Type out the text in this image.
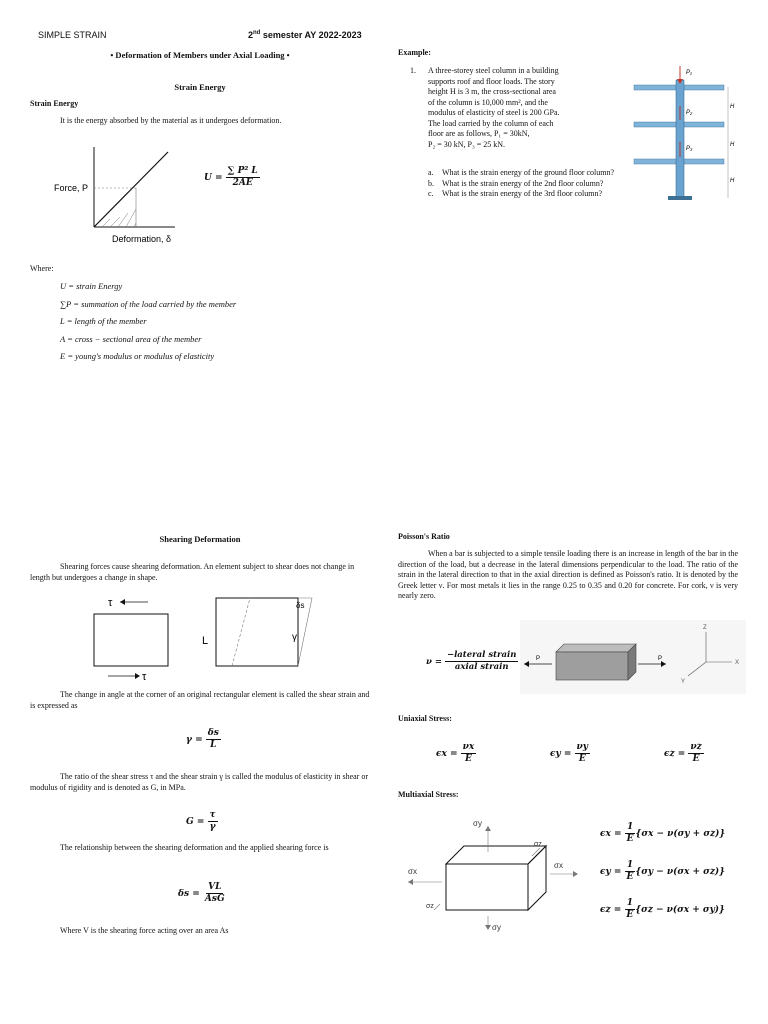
SIMPLE STRAIN	2nd semester AY 2022-2023
• Deformation of Members under Axial Loading •
Strain Energy
Strain Energy
It is the energy absorbed by the material as it undergoes deformation.
Force, P
Deformation, δ
$U = \frac{\text{∑ P² L}}{2AE}$
Where:
U = strain Energy
∑P = summation of the load carried by the member
L = length of the member
A = cross − sectional area of the member
E = young's modulus or modulus of elasticity
Example:
1. A three-storey steel column in a building
supports roof and floor loads. The story
height H is 3 m, the cross-sectional area
of the column is 10,000 mm², and the
modulus of elasticity of steel is 200 GPa.
The load carried by the column of each
floor are as follows, P₁ = 30kN,
P₂ = 30 kN, P₃ = 25 kN.
a. What is the strain energy of the ground floor column?
b. What is the strain energy of the 2nd floor column?
c. What is the strain energy of the 3rd floor column?
P₁
P₂
P₃
H
H
H
Shearing Deformation
Shearing forces cause shearing deformation. An element subject to shear does not change in length but undergoes a change in shape.
τ
τ
L
δs
γ
The change in angle at the corner of an original rectangular element is called the shear strain and is expressed as
$\gamma = \frac{\delta s}{L}$
The ratio of the shear stress τ and the shear strain γ is called the modulus of elasticity in shear or modulus of rigidity and is denoted as G, in MPa.
$G = \frac{\tau}{\gamma}$
The relationship between the shearing deformation and the applied shearing force is
$\delta s = \frac{VL}{\text{AsG}}$
Where V is the shearing force acting over an area As
Poisson's Ratio
When a bar is subjected to a simple tensile loading there is an increase in length of the bar in the direction of the load, but a decrease in the lateral dimensions perpendicular to the load. The ratio of the strain in the lateral direction to that in the axial direction is defined as Poisson's ratio. It is denoted by the Greek letter ν. For most metals it lies in the range 0.25 to 0.35 and 0.20 for concrete. For cork, ν is very nearly zero.
$\nu = \frac{\text{−lateral strain}}{\text{axial strain}}$	P	P
Z
X
Y
Uniaxial Stress:
$\epsilon x = \frac{\nu x}{E}$	$\epsilon y = \frac{\nu y}{E}$	$\epsilon z = \frac{\nu z}{E}$
Multiaxial Stress:
σy
σz
σx
σx
σz
σy
$\epsilon x = \frac{1}{E} \{\sigma x - \nu(\sigma y + \sigma z)\}$
$\epsilon y = \frac{1}{E} \{\sigma y - \nu(\sigma x + \sigma z)\}$
$\epsilon z = \frac{1}{E} \{\sigma z - \nu(\sigma x + \sigma y)\}$
